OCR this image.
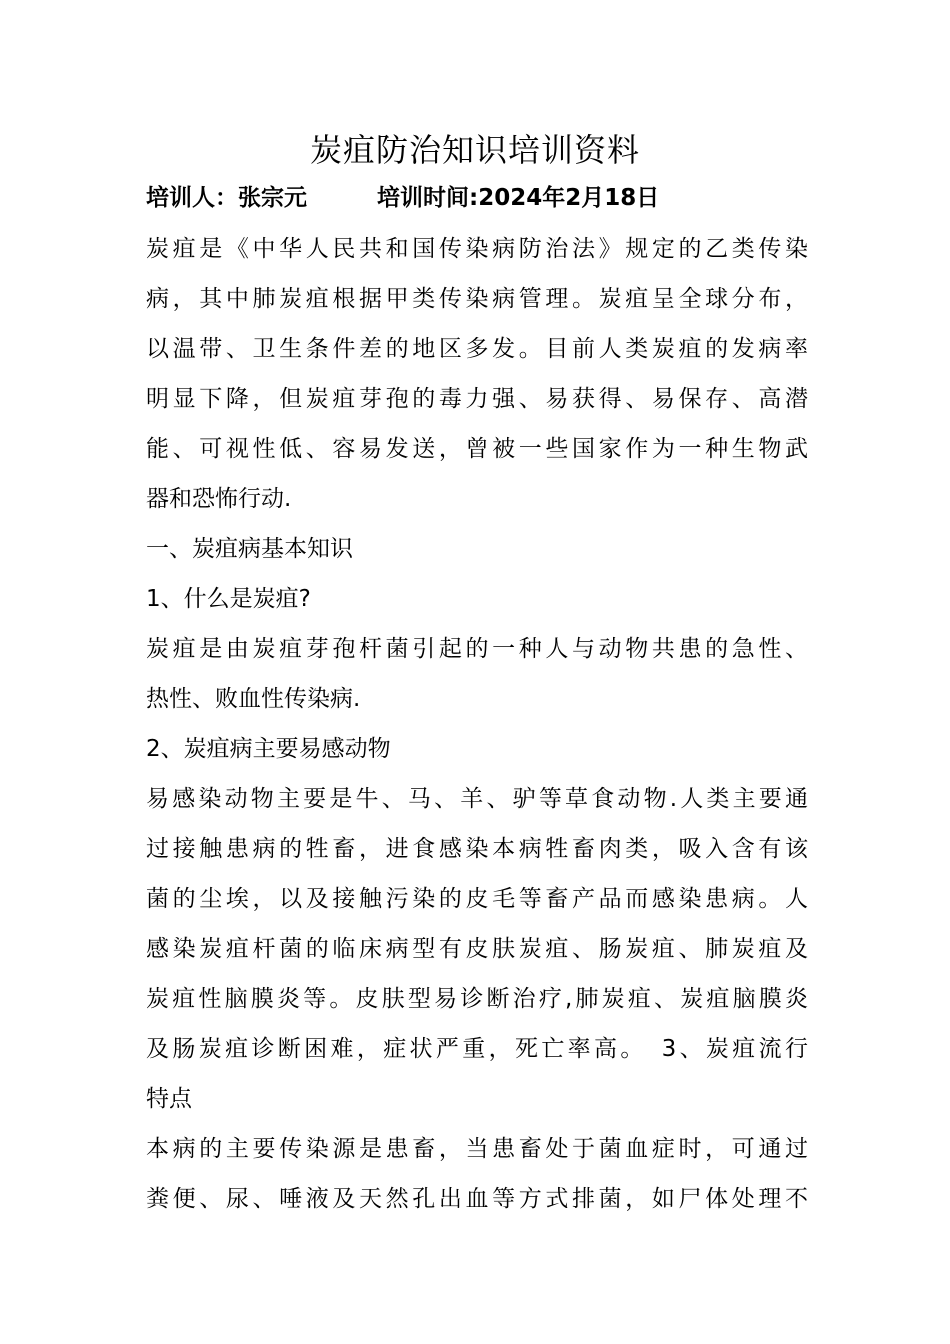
炭疽防治知识培训资料
培训人：张宗元	培训时间:2024年2月18日
炭疽是《中华人民共和国传染病防治法》规定的乙类传染
病，其中肺炭疽根据甲类传染病管理。炭疽呈全球分布，
以温带、卫生条件差的地区多发。目前人类炭疽的发病率
明显下降，但炭疽芽孢的毒力强、易获得、易保存、高潜
能、可视性低、容易发送，曾被一些国家作为一种生物武
器和恐怖行动.
一、炭疽病基本知识
1、什么是炭疽?
炭疽是由炭疽芽孢杆菌引起的一种人与动物共患的急性、
热性、败血性传染病.
2、炭疽病主要易感动物
易感染动物主要是牛、马、羊、驴等草食动物.人类主要通
过接触患病的牲畜，进食感染本病牲畜肉类，吸入含有该
菌的尘埃，以及接触污染的皮毛等畜产品而感染患病。人
感染炭疽杆菌的临床病型有皮肤炭疽、肠炭疽、肺炭疽及
炭疽性脑膜炎等。皮肤型易诊断治疗,肺炭疽、炭疽脑膜炎
及肠炭疽诊断困难，症状严重，死亡率高。　3、炭疽流行
特点
本病的主要传染源是患畜，当患畜处于菌血症时，可通过
粪便、尿、唾液及天然孔出血等方式排菌，如尸体处理不
